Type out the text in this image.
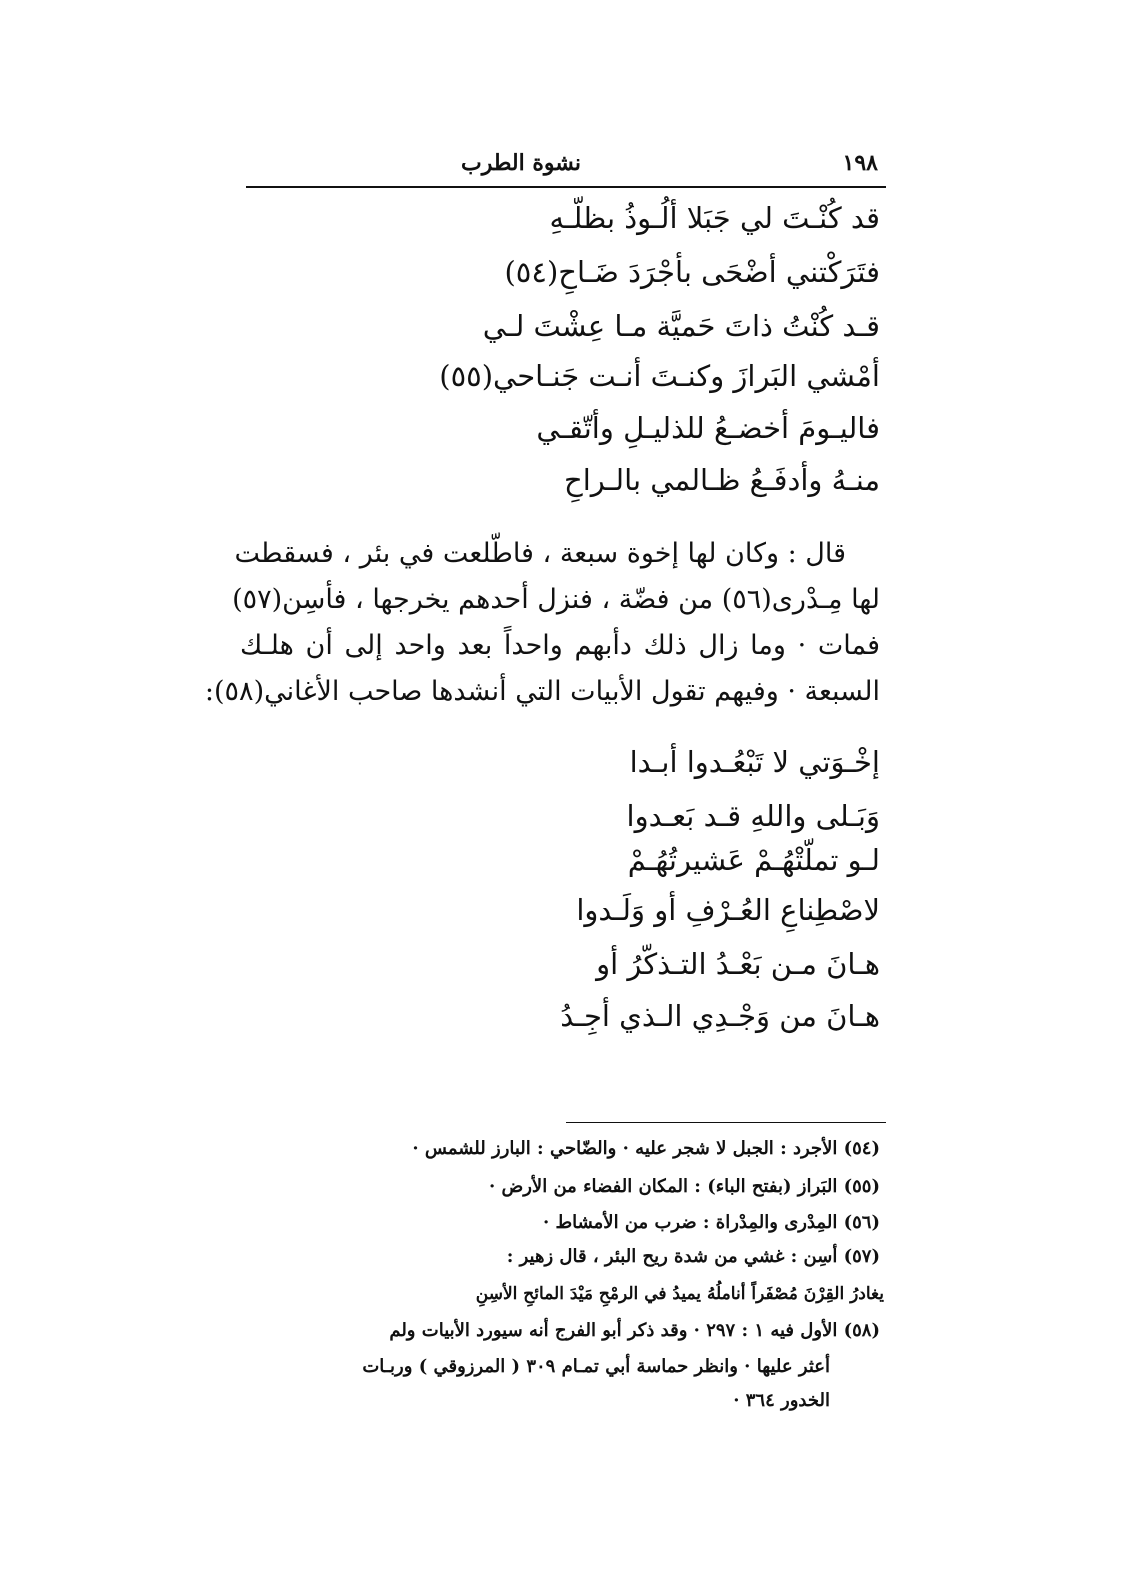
١٩٨
نشوة الطرب
قد كُنْـتَ لي جَبَلا ألُـوذُ بظلّـهِ
فتَرَكْتني أضْحَى بأجْرَدَ ضَـاحِ(٥٤)
قـد كُنْتُ ذاتَ حَميَّة مـا عِشْتَ لـي
أمْشي البَرازَ وكنـتَ أنـت جَنـاحي(٥٥)
فاليـومَ أخضـعُ للذليـلِ وأتّقـي
منـهُ وأدفَـعُ ظـالمي بالـراحِ
قال : وكان لها إخوة سبعة ، فاطّلعت في بئر ، فسقطت
لها مِـدْرى(٥٦) من فضّة ، فنزل أحدهم يخرجها ، فأسِن(٥٧)
فمات · وما زال ذلك دأبهم واحداً بعد واحد إلى أن هلـك
السبعة · وفيهم تقول الأبيات التي أنشدها صاحب الأغاني(٥٨):
إخْـوَتي لا تَبْعُـدوا أبـدا
وَبَـلى واللهِ قـد بَعـدوا
لـو تملّتْهُـمْ عَشيرتُهُـمْ
لاصْطِناعِ العُـرْفِ أو وَلَـدوا
هـانَ مـن بَعْـدُ التـذكّرُ أو
هـانَ من وَجْـدِي الـذي أجِـدُ
(٥٤) الأجرد : الجبل لا شجر عليه · والضّاحي : البارز للشمس ·
(٥٥) البَراز (بفتح الباء) : المكان الفضاء من الأرض ·
(٥٦) المِدْرى والمِدْراة : ضرب من الأمشاط ·
(٥٧) أسِن : غشي من شدة ريح البئر ، قال زهير :
يغادرُ القِرْنَ مُصْفَراً أناملُهُ يميدُ في الرمْحِ مَيْدَ المائحِ الأسِنِ
(٥٨) الأول فيه ١ : ٢٩٧ · وقد ذكر أبو الفرج أنه سيورد الأبيات ولم
أعثر عليها · وانظر حماسة أبي تمـام ٣٠٩ ( المرزوقي ) وربـات
الخدور ٣٦٤ ·
